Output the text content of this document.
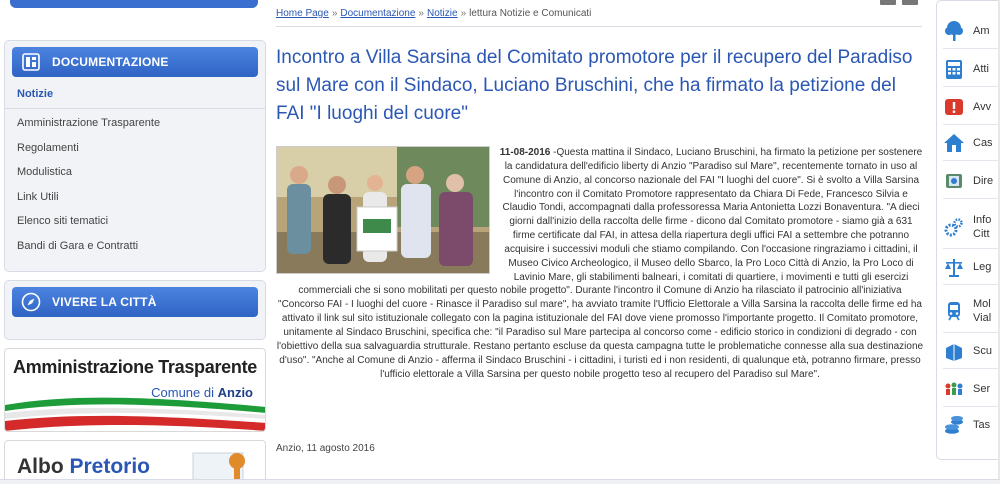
DOCUMENTAZIONE
Notizie
Amministrazione Trasparente
Regolamenti
Modulistica
Link Utili
Elenco siti tematici
Bandi di Gara e Contratti
VIVERE LA CITTÀ
Amministrazione Trasparente
Comune di Anzio
Albo Pretorio
Home Page » Documentazione » Notizie » lettura Notizie e Comunicati
Incontro a Villa Sarsina del Comitato promotore per il recupero del Paradiso sul Mare con il Sindaco, Luciano Bruschini, che ha firmato la petizione del FAI "I luoghi del cuore"
11-08-2016 -Questa mattina il Sindaco, Luciano Bruschini, ha firmato la petizione per sostenere la candidatura dell'edificio liberty di Anzio "Paradiso sul Mare", recentemente tornato in uso al Comune di Anzio, al concorso nazionale del FAI "I luoghi del cuore". Si è svolto a Villa Sarsina l'incontro con il Comitato Promotore rappresentato da Chiara Di Fede, Francesco Silvia e Claudio Tondi, accompagnati dalla professoressa Maria Antonietta Lozzi Bonaventura. "A dieci giorni dall'inizio della raccolta delle firme - dicono dal Comitato promotore - siamo già a 631 firme certificate dal FAI, in attesa della riapertura degli uffici FAI a settembre che potranno acquisire i successivi moduli che stiamo compilando. Con l'occasione ringraziamo i cittadini, il Museo Civico Archeologico, il Museo dello Sbarco, la Pro Loco Città di Anzio, la Pro Loco di Lavinio Mare, gli stabilimenti balneari, i comitati di quartiere, i movimenti e tutti gli esercizi commerciali che si sono mobilitati per questo nobile progetto". Durante l'incontro il Comune di Anzio ha rilasciato il patrocinio all'iniziativa "Concorso FAI - I luoghi del cuore - Rinasce il Paradiso sul mare", ha avviato tramite l'Ufficio Elettorale a Villa Sarsina la raccolta delle firme ed ha attivato il link sul sito istituzionale collegato con la pagina istituzionale del FAI dove viene promosso l'importante progetto. Il Comitato promotore, unitamente al Sindaco Bruschini, specifica che: "il Paradiso sul Mare partecipa al concorso come - edificio storico in condizioni di degrado - con l'obiettivo della sua salvaguardia strutturale. Restano pertanto escluse da questa campagna tutte le problematiche connesse alla sua destinazione d'uso". "Anche al Comune di Anzio - afferma il Sindaco Bruschini - i cittadini, i turisti ed i non residenti, di qualunque età, potranno firmare, presso l'ufficio elettorale a Villa Sarsina per questo nobile progetto teso al recupero del Paradiso sul Mare".
Anzio, 11 agosto 2016
Am
Atti
Avv
Cas
Dire
Info Citt
Leg
Mol Vial
Scu
Ser
Tas
